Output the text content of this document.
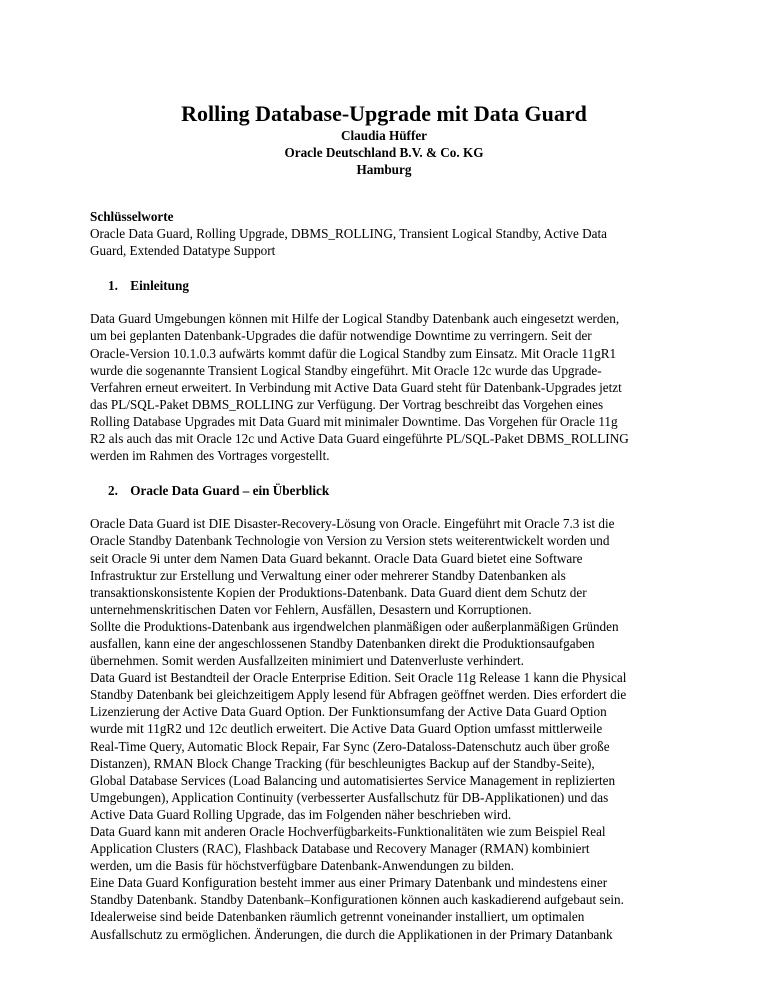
Rolling Database-Upgrade mit Data Guard

Claudia Hüffer

Oracle Deutschland B.V. & Co. KG

Hamburg

Schlüsselworte

Oracle Data Guard, Rolling Upgrade, DBMS_ROLLING, Transient Logical Standby, Active Data
Guard, Extended Datatype Support

1. Einleitung

Data Guard Umgebungen können mit Hilfe der Logical Standby Datenbank auch eingesetzt werden,
um bei geplanten Datenbank-Upgrades die dafür notwendige Downtime zu verringern. Seit der
Oracle-Version 10.1.0.3 aufwärts kommt dafür die Logical Standby zum Einsatz. Mit Oracle 11gR1
wurde die sogenannte Transient Logical Standby eingeführt. Mit Oracle 12c wurde das Upgrade-
Verfahren erneut erweitert. In Verbindung mit Active Data Guard steht für Datenbank-Upgrades jetzt
das PL/SQL-Paket DBMS_ROLLING zur Verfügung. Der Vortrag beschreibt das Vorgehen eines
Rolling Database Upgrades mit Data Guard mit minimaler Downtime. Das Vorgehen für Oracle 11g
R2 als auch das mit Oracle 12c und Active Data Guard eingeführte PL/SQL-Paket DBMS_ROLLING
werden im Rahmen des Vortrages vorgestellt.

2. Oracle Data Guard – ein Überblick

Oracle Data Guard ist DIE Disaster-Recovery-Lösung von Oracle. Eingeführt mit Oracle 7.3 ist die
Oracle Standby Datenbank Technologie von Version zu Version stets weiterentwickelt worden und
seit Oracle 9i unter dem Namen Data Guard bekannt. Oracle Data Guard bietet eine Software
Infrastruktur zur Erstellung und Verwaltung einer oder mehrerer Standby Datenbanken als
transaktionskonsistente Kopien der Produktions-Datenbank. Data Guard dient dem Schutz der
unternehmenskritischen Daten vor Fehlern, Ausfällen, Desastern und Korruptionen.

Sollte die Produktions-Datenbank aus irgendwelchen planmäßigen oder außerplanmäßigen Gründen
ausfallen, kann eine der angeschlossenen Standby Datenbanken direkt die Produktionsaufgaben
übernehmen. Somit werden Ausfallzeiten minimiert und Datenverluste verhindert.

Data Guard ist Bestandteil der Oracle Enterprise Edition. Seit Oracle 11g Release 1 kann die Physical
Standby Datenbank bei gleichzeitigem Apply lesend für Abfragen geöffnet werden. Dies erfordert die
Lizenzierung der Active Data Guard Option. Der Funktionsumfang der Active Data Guard Option
wurde mit 11gR2 und 12c deutlich erweitert. Die Active Data Guard Option umfasst mittlerweile
Real-Time Query, Automatic Block Repair, Far Sync (Zero-Dataloss-Datenschutz auch über große
Distanzen), RMAN Block Change Tracking (für beschleunigtes Backup auf der Standby-Seite),
Global Database Services (Load Balancing und automatisiertes Service Management in replizierten
Umgebungen), Application Continuity (verbesserter Ausfallschutz für DB-Applikationen) und das
Active Data Guard Rolling Upgrade, das im Folgenden näher beschrieben wird.

Data Guard kann mit anderen Oracle Hochverfügbarkeits-Funktionalitäten wie zum Beispiel Real
Application Clusters (RAC), Flashback Database und Recovery Manager (RMAN) kombiniert
werden, um die Basis für höchstverfügbare Datenbank-Anwendungen zu bilden.

Eine Data Guard Konfiguration besteht immer aus einer Primary Datenbank und mindestens einer
Standby Datenbank. Standby Datenbank–Konfigurationen können auch kaskadierend aufgebaut sein.
Idealerweise sind beide Datenbanken räumlich getrennt voneinander installiert, um optimalen
Ausfallschutz zu ermöglichen. Änderungen, die durch die Applikationen in der Primary Datanbank
